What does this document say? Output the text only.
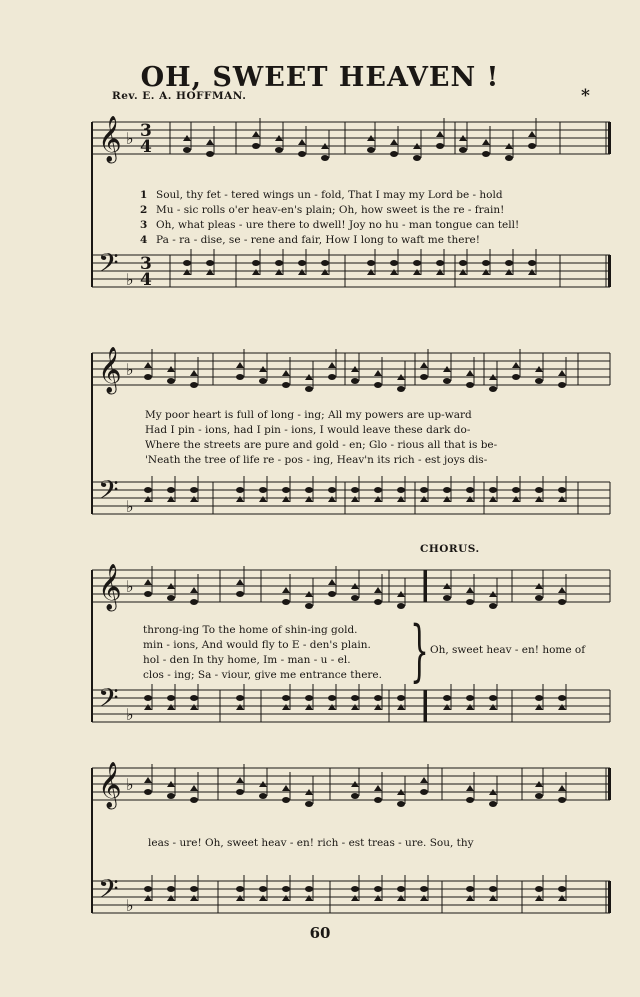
OH, SWEET HEAVEN !
Rev. E. A. HOFFMAN.	*
𝄞
𝄢
♭
♭
3
3
4
4
𝄞
𝄢
♭
♭
𝄞
𝄢
♭
♭
𝄞
𝄢
♭
♭
1 Soul, thy fet - tered wings un - fold, That I may my Lord be - hold
2 Mu - sic rolls o'er heav-en's plain; Oh, how sweet is the re - frain!
3 Oh, what pleas - ure there to dwell! Joy no hu - man tongue can tell!
4 Pa - ra - dise, se - rene and fair, How I long to waft me there!
My poor heart is full of long - ing; All my powers are up-ward
Had I pin - ions, had I pin - ions, I would leave these dark do-
Where the streets are pure and gold - en; Glo - rious all that is be-
'Neath the tree of life re - pos - ing, Heav'n its rich - est joys dis-
CHORUS.
throng-ing To the home of shin-ing gold.
min - ions, And would fly to E - den's plain.
hol - den In thy home, Im - man - u - el.
clos - ing; Sa - viour, give me entrance there. } Oh, sweet heav - en! home of
leas - ure! Oh, sweet heav - en! rich - est treas - ure. Sou, thy
60
